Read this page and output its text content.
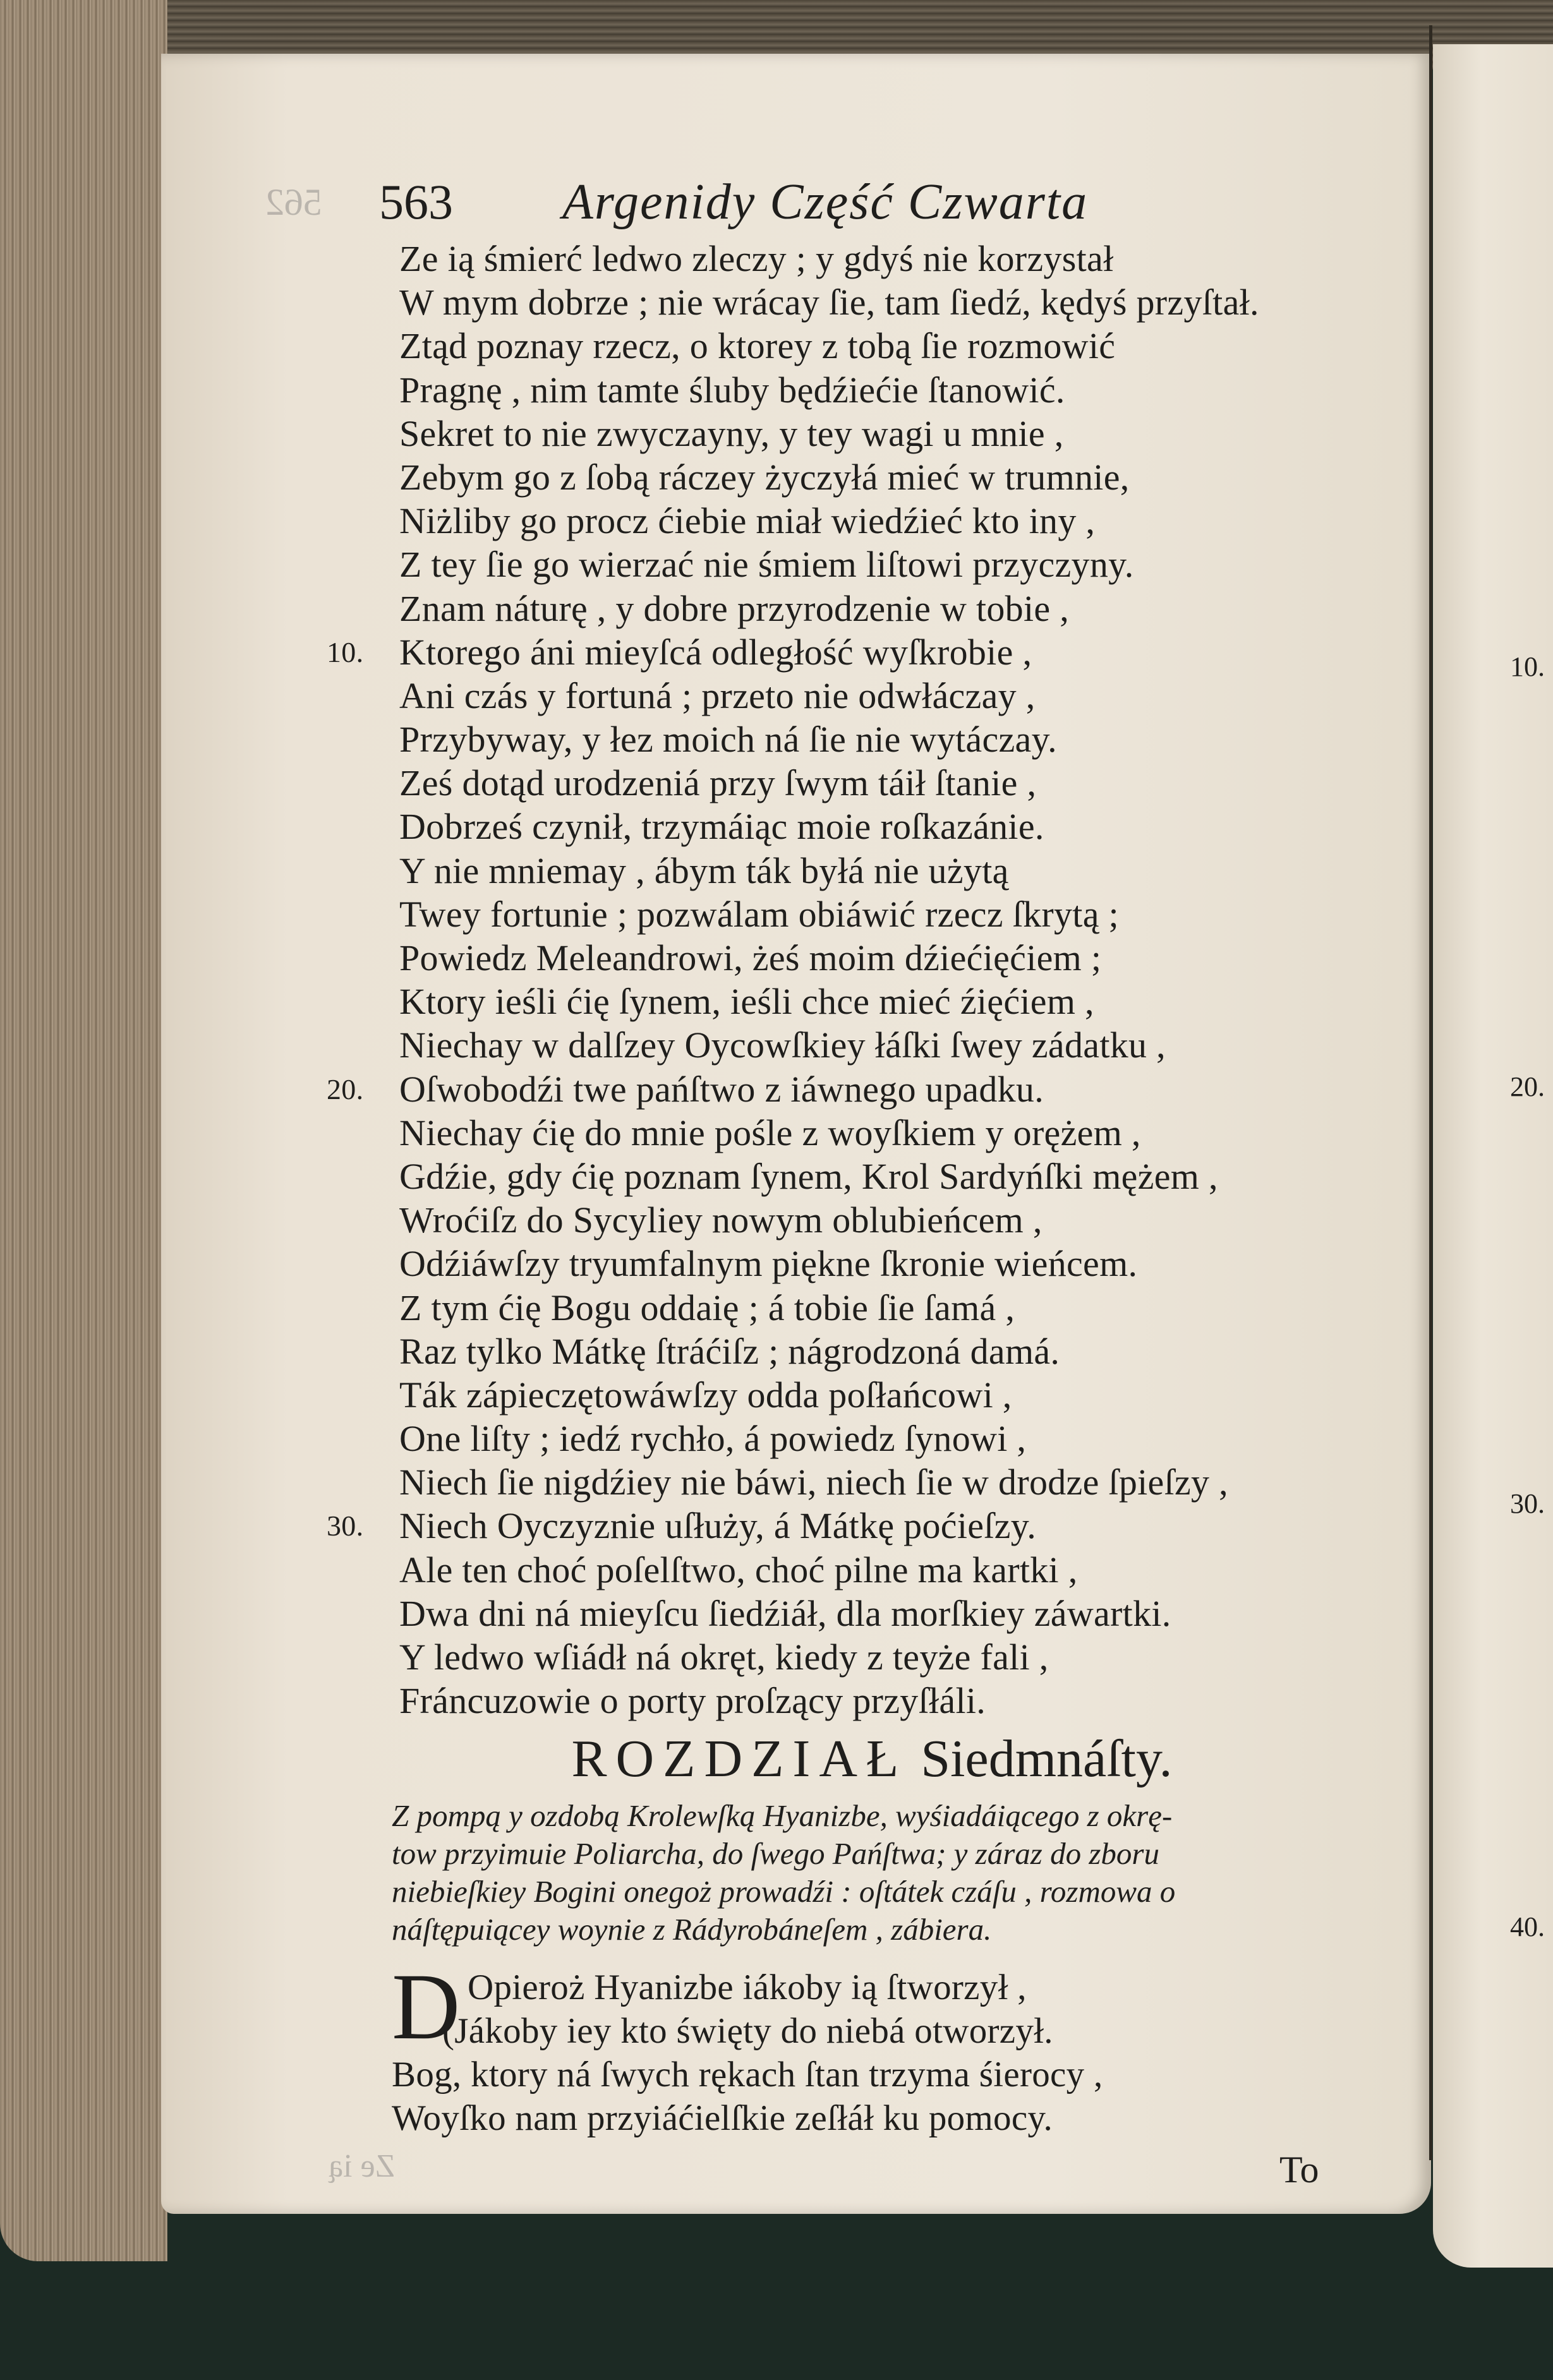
562 563 Argenidy Część Czwarta
Ze ią śmierć ledwo zleczy ; y gdyś nie korzystał
W mym dobrze ; nie wrácay ſie, tam ſiedź, kędyś przyſtał.
Ztąd poznay rzecz, o ktorey z tobą ſie rozmowić
Pragnę , nim tamte śluby będźiećie ſtanowić.
Sekret to nie zwyczayny, y tey wagi u mnie ,
Zebym go z ſobą ráczey życzyłá mieć w trumnie,
Niżliby go procz ćiebie miał wiedźieć kto iny ,
Z tey ſie go wierzać nie śmiem liſtowi przyczyny.
Znam náturę , y dobre przyrodzenie w tobie ,
Ktorego áni mieyſcá odległość wyſkrobie ,
10.
Ani czás y fortuná ; przeto nie odwłáczay ,
Przybyway, y łez moich ná ſie nie wytáczay.
Ześ dotąd urodzeniá przy ſwym táił ſtanie ,
Dobrześ czynił, trzymáiąc moie roſkazánie.
Y nie mniemay , ábym ták byłá nie użytą
Twey fortunie ; pozwálam obiáwić rzecz ſkrytą ;
Powiedz Meleandrowi, żeś moim dźiećięćiem ;
Ktory ieśli ćię ſynem, ieśli chce mieć źięćiem ,
Niechay w dalſzey Oycowſkiey łáſki ſwey zádatku ,
Oſwobodźi twe pańſtwo z iáwnego upadku.
20.
Niechay ćię do mnie pośle z woyſkiem y orężem ,
Gdźie, gdy ćię poznam ſynem, Krol Sardyńſki mężem ,
Wroćiſz do Sycyliey nowym oblubieńcem ,
Odźiáwſzy tryumfalnym piękne ſkronie wieńcem.
Z tym ćię Bogu oddaię ; á tobie ſie ſamá ,
Raz tylko Mátkę ſtráćiſz ; nágrodzoná damá.
Ták zápieczętowáwſzy odda poſłańcowi ,
One liſty ; iedź rychło, á powiedz ſynowi ,
Niech ſie nigdźiey nie báwi, niech ſie w drodze ſpieſzy ,
Niech Oyczyznie uſłuży, á Mátkę poćieſzy.
30.
Ale ten choć poſelſtwo, choć pilne ma kartki ,
Dwa dni ná mieyſcu ſiedźiáł, dla morſkiey záwartki.
Y ledwo wſiádł ná okręt, kiedy z teyże fali ,
Fráncuzowie o porty proſzący przyſłáli.
ROZDZIAŁ Siedmnáſty.
Z pompą y ozdobą Krolewſką Hyanizbe, wyśiadáiącego z okrę-
tow przyimuie Poliarcha, do ſwego Pańſtwa; y záraz do zboru
niebieſkiey Bogini onegoż prowadźi : oſtátek czáſu , rozmowa o
náſtępuiącey woynie z Rádyrobáneſem , zábiera.
D Opieroż Hyanizbe iákoby ią ſtworzył ,
(Jákoby iey kto święty do niebá otworzył.
Bog, ktory ná ſwych rękach ſtan trzyma śierocy ,
Woyſko nam przyiáćielſkie zeſłáł ku pomocy.
To
Ze ią
10.
20.
30.
40.
